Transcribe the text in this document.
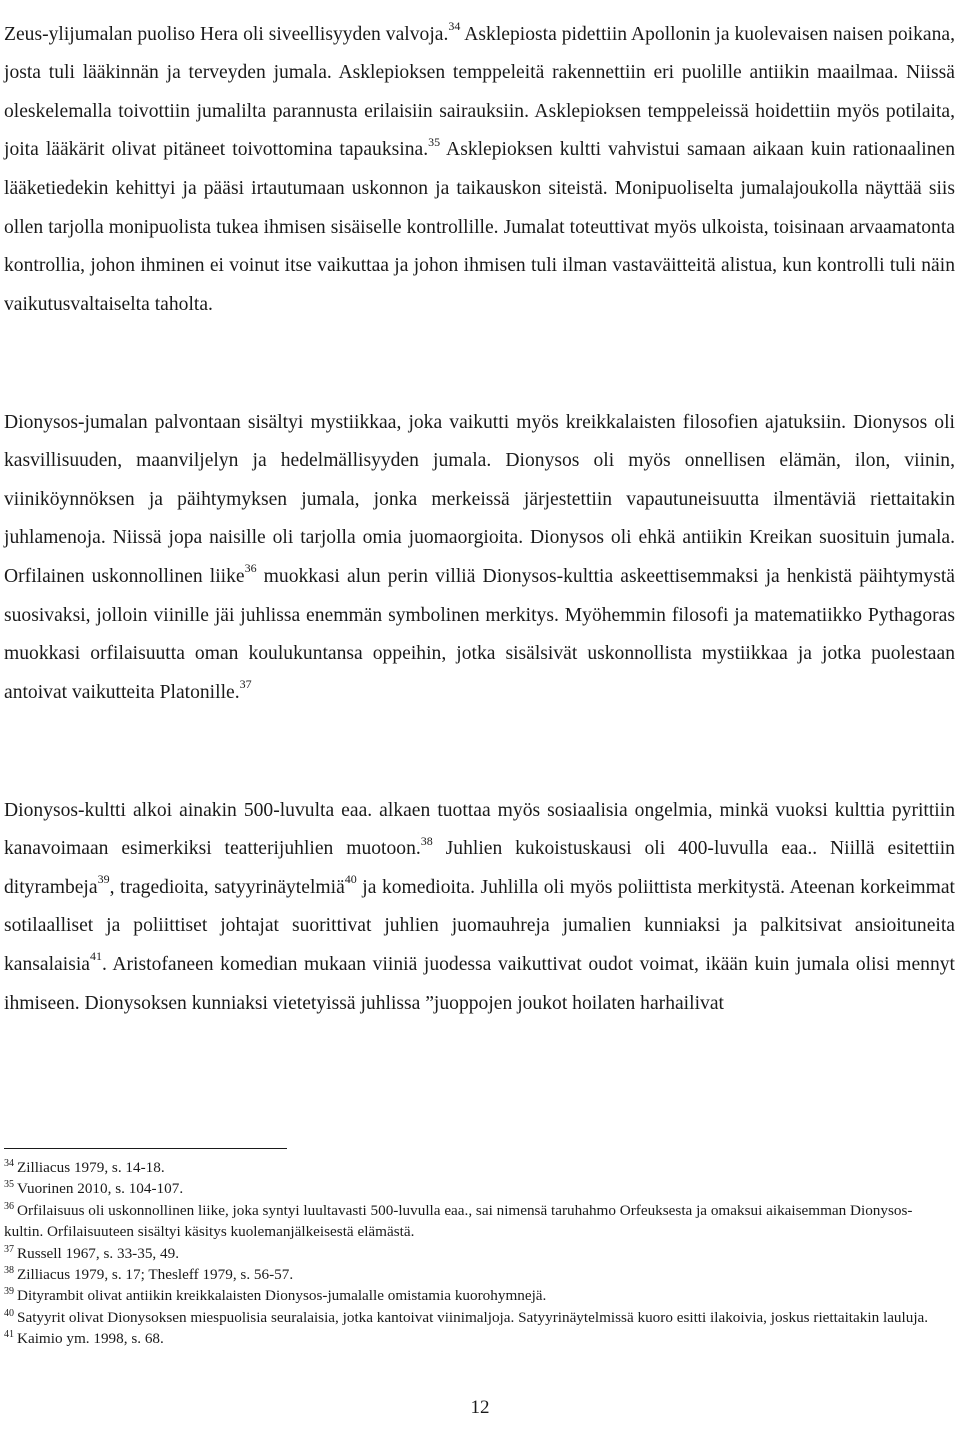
Zeus-ylijumalan puoliso Hera oli siveellisyyden valvoja.$^{34}$ Asklepiosta pidettiin Apollonin ja kuolevaisen naisen poikana, josta tuli lääkinnän ja terveyden jumala. Asklepioksen temppeleitä rakennettiin eri puolille antiikin maailmaa. Niissä oleskelemalla toivottiin jumalilta parannusta erilaisiin sairauksiin. Asklepioksen temppeleissä hoidettiin myös potilaita, joita lääkärit olivat pitäneet toivottomina tapauksina.$^{35}$ Asklepioksen kultti vahvistui samaan aikaan kuin rationaalinen lääketiedekin kehittyi ja pääsi irtautumaan uskonnon ja taikauskon siteistä. Monipuoliselta jumalajoukolla näyttää siis ollen tarjolla monipuolista tukea ihmisen sisäiselle kontrollille. Jumalat toteuttivat myös ulkoista, toisinaan arvaamatonta kontrollia, johon ihminen ei voinut itse vaikuttaa ja johon ihmisen tuli ilman vastaväitteitä alistua, kun kontrolli tuli näin vaikutusvaltaiselta taholta.

Dionysos-jumalan palvontaan sisältyi mystiikkaa, joka vaikutti myös kreikkalaisten filosofien ajatuksiin. Dionysos oli kasvillisuuden, maanviljelyn ja hedelmällisyyden jumala. Dionysos oli myös onnellisen elämän, ilon, viinin, viiniköynnöksen ja päihtymyksen jumala, jonka merkeissä järjestettiin vapautuneisuutta ilmentäviä riettaitakin juhlamenoja. Niissä jopa naisille oli tarjolla omia juomaorgioita. Dionysos oli ehkä antiikin Kreikan suosituin jumala. Orfilainen uskonnollinen liike$^{36}$ muokkasi alun perin villiä Dionysos-kulttia askeettisemmaksi ja henkistä päihtymystä suosivaksi, jolloin viinille jäi juhlissa enemmän symbolinen merkitys. Myöhemmin filosofi ja matematiikko Pythagoras muokkasi orfilaisuutta oman koulukuntansa oppeihin, jotka sisälsivät uskonnollista mystiikkaa ja jotka puolestaan antoivat vaikutteita Platonille.$^{37}$

Dionysos-kultti alkoi ainakin 500-luvulta eaa. alkaen tuottaa myös sosiaalisia ongelmia, minkä vuoksi kulttia pyrittiin kanavoimaan esimerkiksi teatterijuhlien muotoon.$^{38}$ Juhlien kukoistuskausi oli 400-luvulla eaa.. Niillä esitettiin dityrambeja$^{39}$, tragedioita, satyyrinäytelmiä$^{40}$ ja komedioita. Juhlilla oli myös poliittista merkitystä. Ateenan korkeimmat sotilaalliset ja poliittiset johtajat suorittivat juhlien juomauhreja jumalien kunniaksi ja palkitsivat ansioituneita kansalaisia$^{41}$. Aristofaneen komedian mukaan viiniä juodessa vaikuttivat oudot voimat, ikään kuin jumala olisi mennyt ihmiseen. Dionysoksen kunniaksi vietetyissä juhlissa ”juoppojen joukot hoilaten harhailivat

$^{34}$ Zilliacus 1979, s. 14-18.

$^{35}$ Vuorinen 2010, s. 104-107.

$^{36}$ Orfilaisuus oli uskonnollinen liike, joka syntyi luultavasti 500-luvulla eaa., sai nimensä taruhahmo Orfeuksesta ja omaksui aikaisemman Dionysos-kultin. Orfilaisuuteen sisältyi käsitys kuolemanjälkeisestä elämästä.

$^{37}$ Russell 1967, s. 33-35, 49.

$^{38}$ Zilliacus 1979, s. 17; Thesleff 1979, s. 56-57.

$^{39}$ Dityrambit olivat antiikin kreikkalaisten Dionysos-jumalalle omistamia kuorohymnejä.

$^{40}$ Satyyrit olivat Dionysoksen miespuolisia seuralaisia, jotka kantoivat viinimaljoja. Satyyrinäytelmissä kuoro esitti ilakoivia, joskus riettaitakin lauluja.

$^{41}$ Kaimio ym. 1998, s. 68.

12
